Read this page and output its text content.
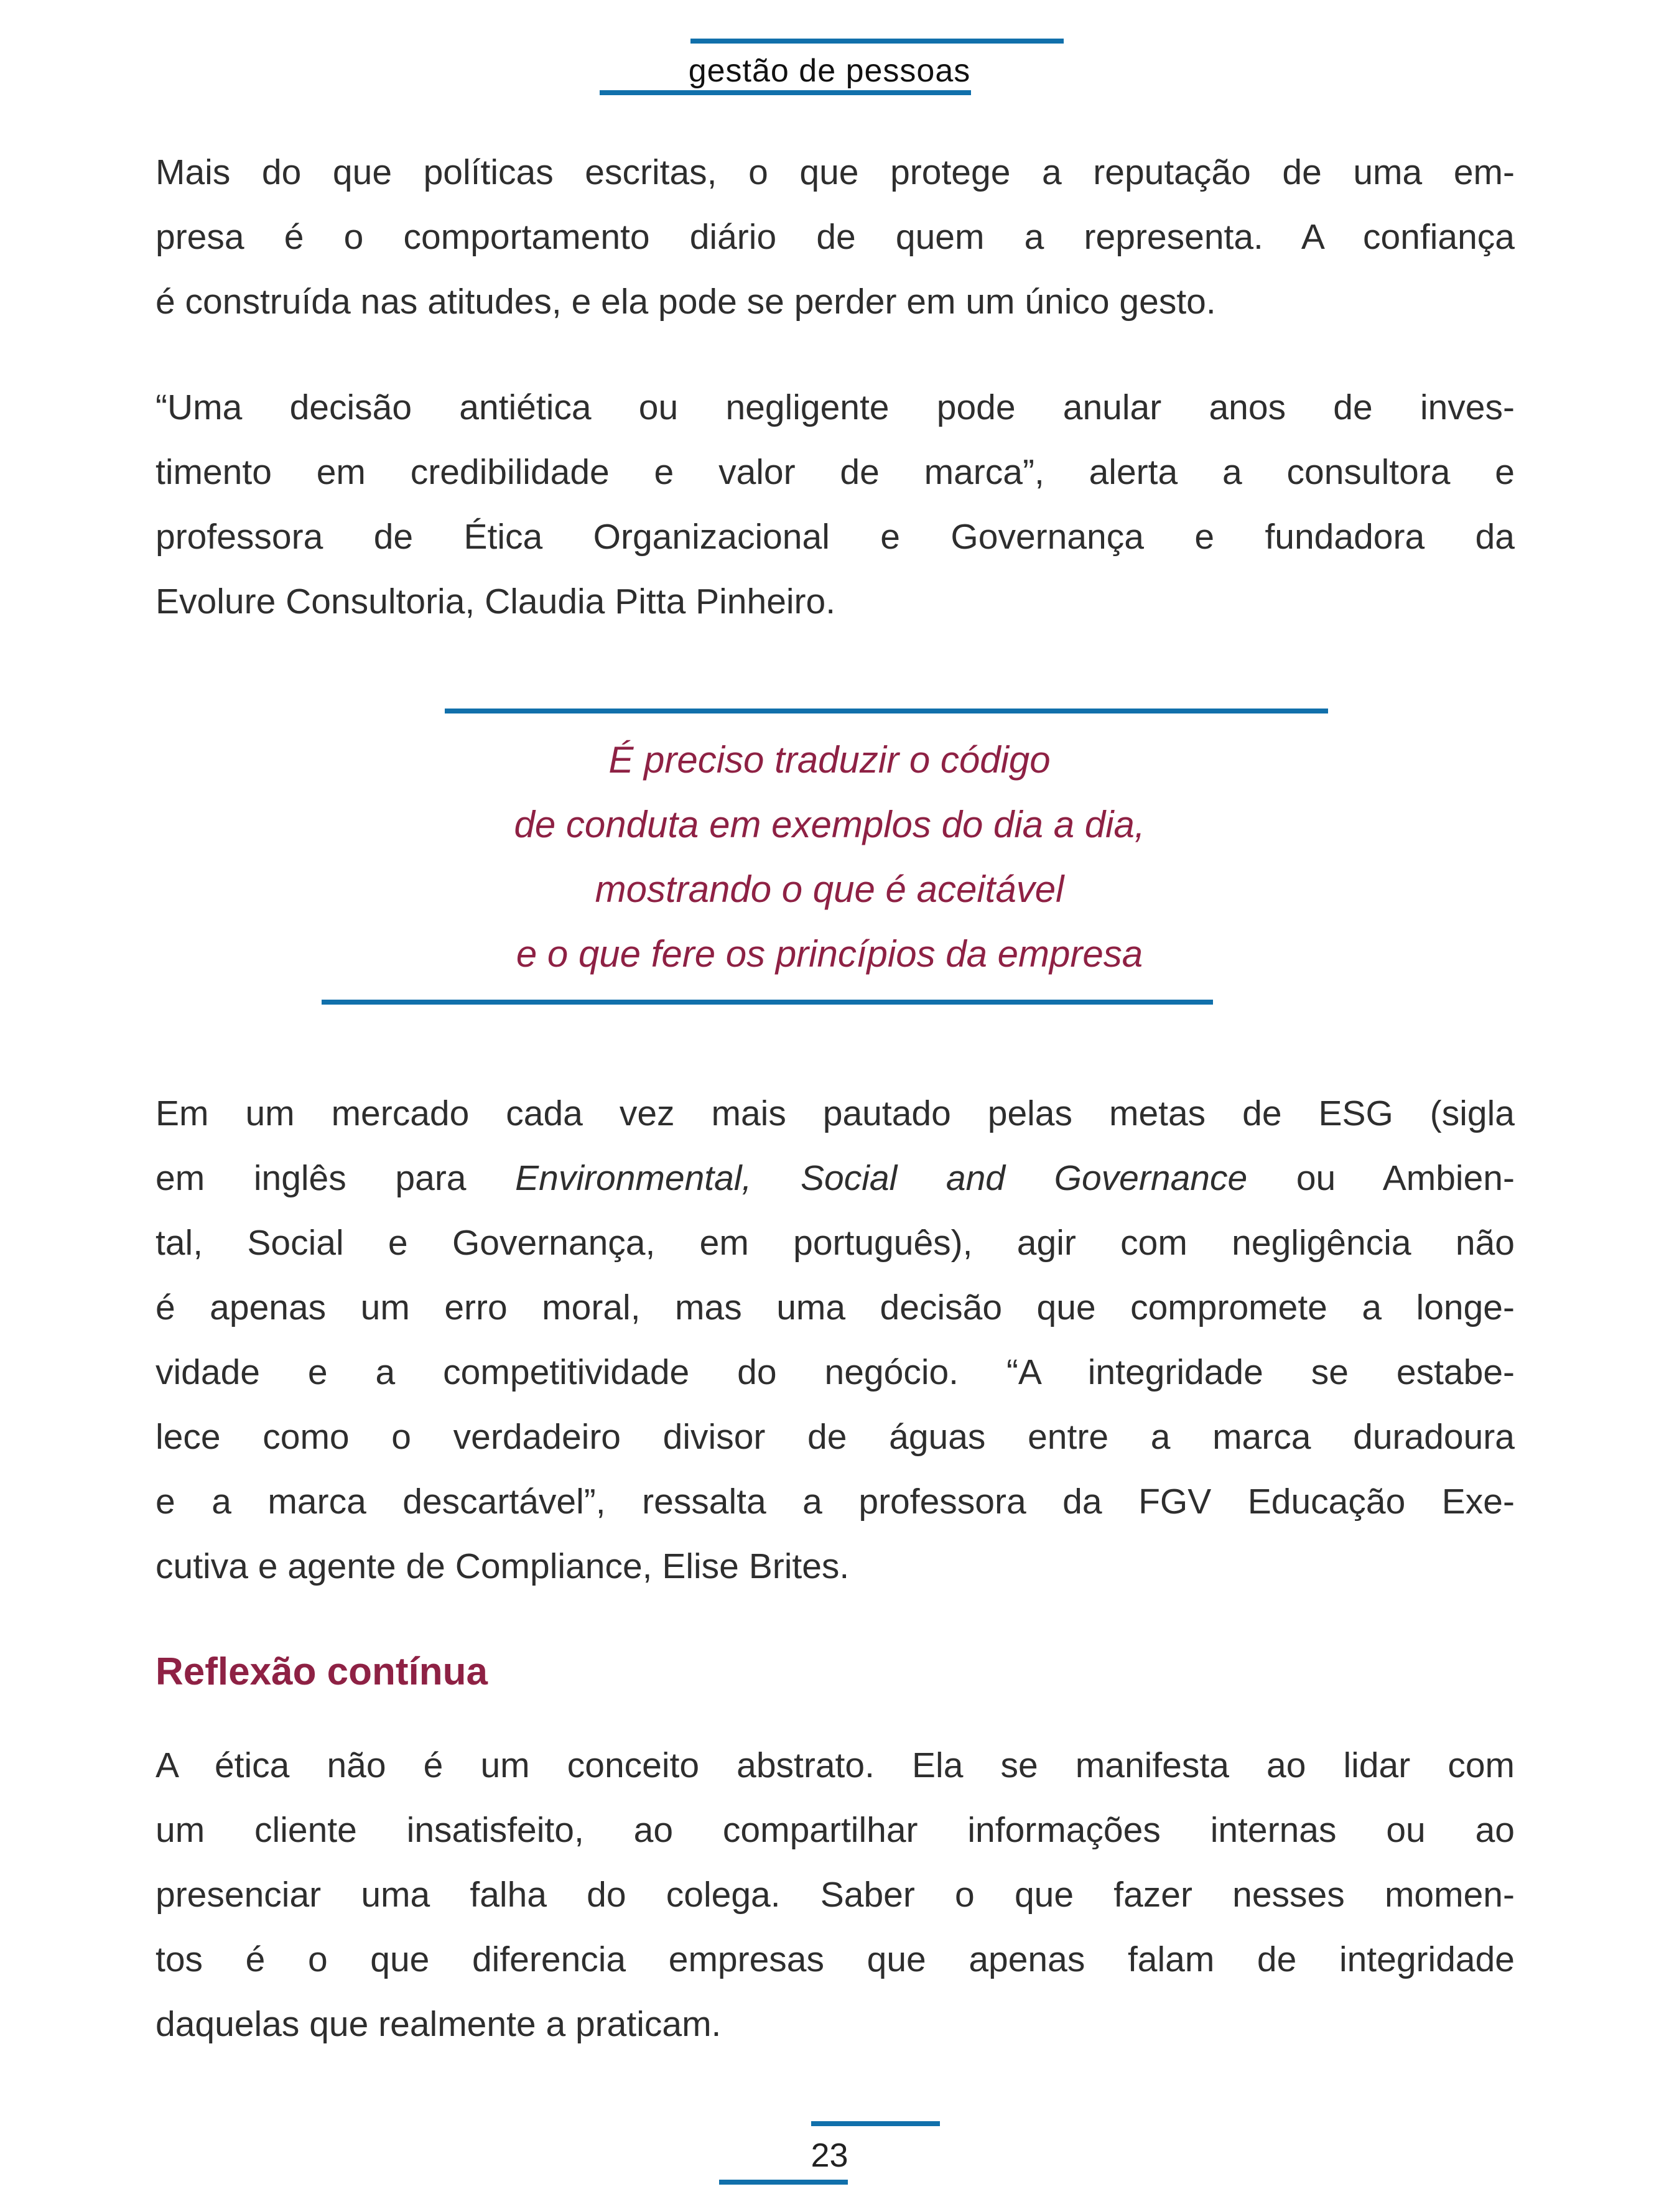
gestão de pessoas
Mais do que políticas escritas, o que protege a reputação de uma em-
presa é o comportamento diário de quem a representa. A confiança
é construída nas atitudes, e ela pode se perder em um único gesto.
“Uma decisão antiética ou negligente pode anular anos de inves-
timento em credibilidade e valor de marca”, alerta a consultora e
professora de Ética Organizacional e Governança e fundadora da
Evolure Consultoria, Claudia Pitta Pinheiro.
É preciso traduzir o código
de conduta em exemplos do dia a dia,
mostrando o que é aceitável
e o que fere os princípios da empresa
Em um mercado cada vez mais pautado pelas metas de ESG (sigla
em inglês para Environmental, Social and Governance ou Ambien-
tal, Social e Governança, em português), agir com negligência não
é apenas um erro moral, mas uma decisão que compromete a longe-
vidade e a competitividade do negócio. “A integridade se estabe-
lece como o verdadeiro divisor de águas entre a marca duradoura
e a marca descartável”, ressalta a professora da FGV Educação Exe-
cutiva e agente de Compliance, Elise Brites.
Reflexão contínua
A ética não é um conceito abstrato. Ela se manifesta ao lidar com
um cliente insatisfeito, ao compartilhar informações internas ou ao
presenciar uma falha do colega. Saber o que fazer nesses momen-
tos é o que diferencia empresas que apenas falam de integridade
daquelas que realmente a praticam.
23
